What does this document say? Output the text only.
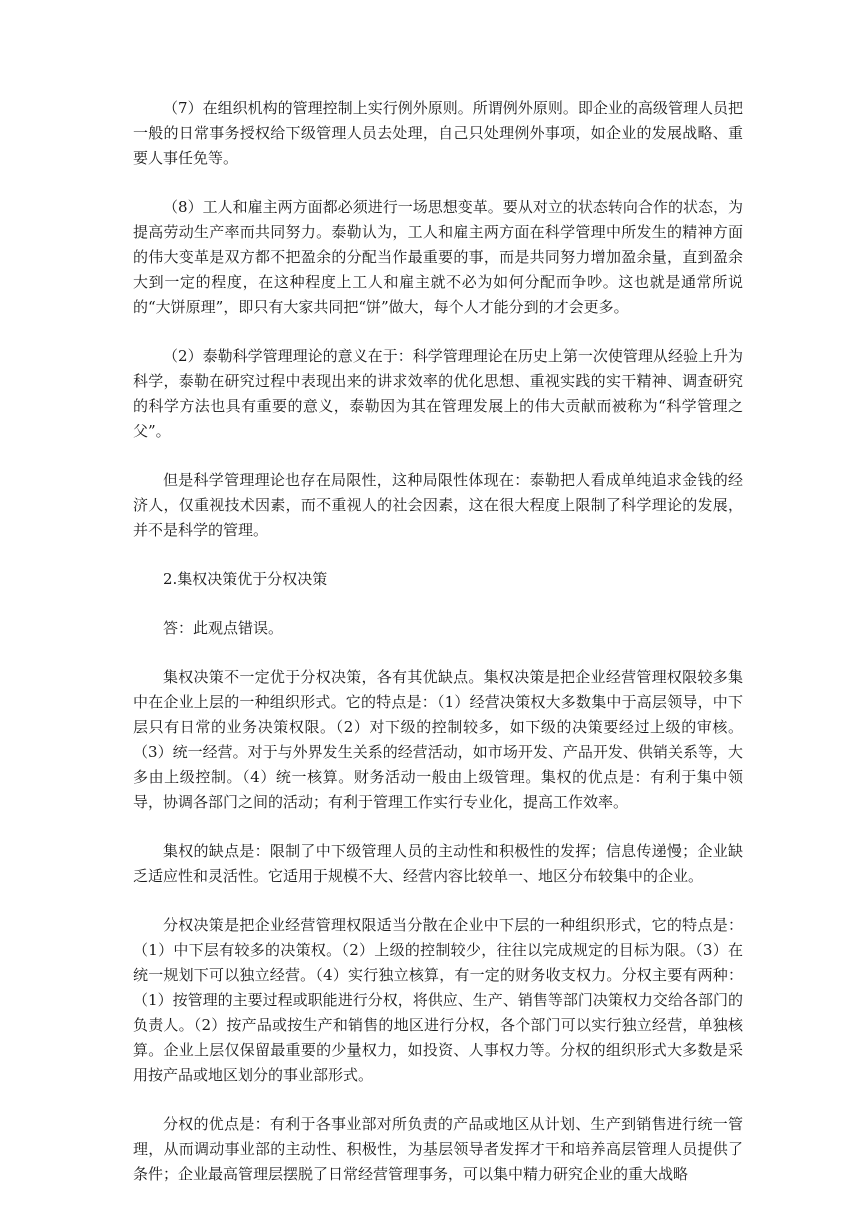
（7）在组织机构的管理控制上实行例外原则。所谓例外原则。即企业的高级管理人员把一般的日常事务授权给下级管理人员去处理，自己只处理例外事项，如企业的发展战略、重要人事任免等。

（8）工人和雇主两方面都必须进行一场思想变革。要从对立的状态转向合作的状态，为提高劳动生产率而共同努力。泰勒认为，工人和雇主两方面在科学管理中所发生的精神方面的伟大变革是双方都不把盈余的分配当作最重要的事，而是共同努力增加盈余量，直到盈余大到一定的程度，在这种程度上工人和雇主就不必为如何分配而争吵。这也就是通常所说的“大饼原理”，即只有大家共同把“饼”做大，每个人才能分到的才会更多。

（2）泰勒科学管理理论的意义在于：科学管理理论在历史上第一次使管理从经验上升为科学，泰勒在研究过程中表现出来的讲求效率的优化思想、重视实践的实干精神、调查研究的科学方法也具有重要的意义，泰勒因为其在管理发展上的伟大贡献而被称为“科学管理之父”。

但是科学管理理论也存在局限性，这种局限性体现在：泰勒把人看成单纯追求金钱的经济人，仅重视技术因素，而不重视人的社会因素，这在很大程度上限制了科学理论的发展，并不是科学的管理。

2.集权决策优于分权决策

答：此观点错误。

集权决策不一定优于分权决策，各有其优缺点。集权决策是把企业经营管理权限较多集中在企业上层的一种组织形式。它的特点是：（1）经营决策权大多数集中于高层领导，中下层只有日常的业务决策权限。（2）对下级的控制较多，如下级的决策要经过上级的审核。（3）统一经营。对于与外界发生关系的经营活动，如市场开发、产品开发、供销关系等，大多由上级控制。（4）统一核算。财务活动一般由上级管理。集权的优点是：有利于集中领导，协调各部门之间的活动；有利于管理工作实行专业化，提高工作效率。

集权的缺点是：限制了中下级管理人员的主动性和积极性的发挥；信息传递慢；企业缺乏适应性和灵活性。它适用于规模不大、经营内容比较单一、地区分布较集中的企业。

分权决策是把企业经营管理权限适当分散在企业中下层的一种组织形式，它的特点是：（1）中下层有较多的决策权。（2）上级的控制较少，往往以完成规定的目标为限。（3）在统一规划下可以独立经营。（4）实行独立核算，有一定的财务收支权力。分权主要有两种：（1）按管理的主要过程或职能进行分权，将供应、生产、销售等部门决策权力交给各部门的负责人。（2）按产品或按生产和销售的地区进行分权，各个部门可以实行独立经营，单独核算。企业上层仅保留最重要的少量权力，如投资、人事权力等。分权的组织形式大多数是采用按产品或地区划分的事业部形式。

分权的优点是：有利于各事业部对所负责的产品或地区从计划、生产到销售进行统一管理，从而调动事业部的主动性、积极性，为基层领导者发挥才干和培养高层管理人员提供了条件；企业最高管理层摆脱了日常经营管理事务，可以集中精力研究企业的重大战略
